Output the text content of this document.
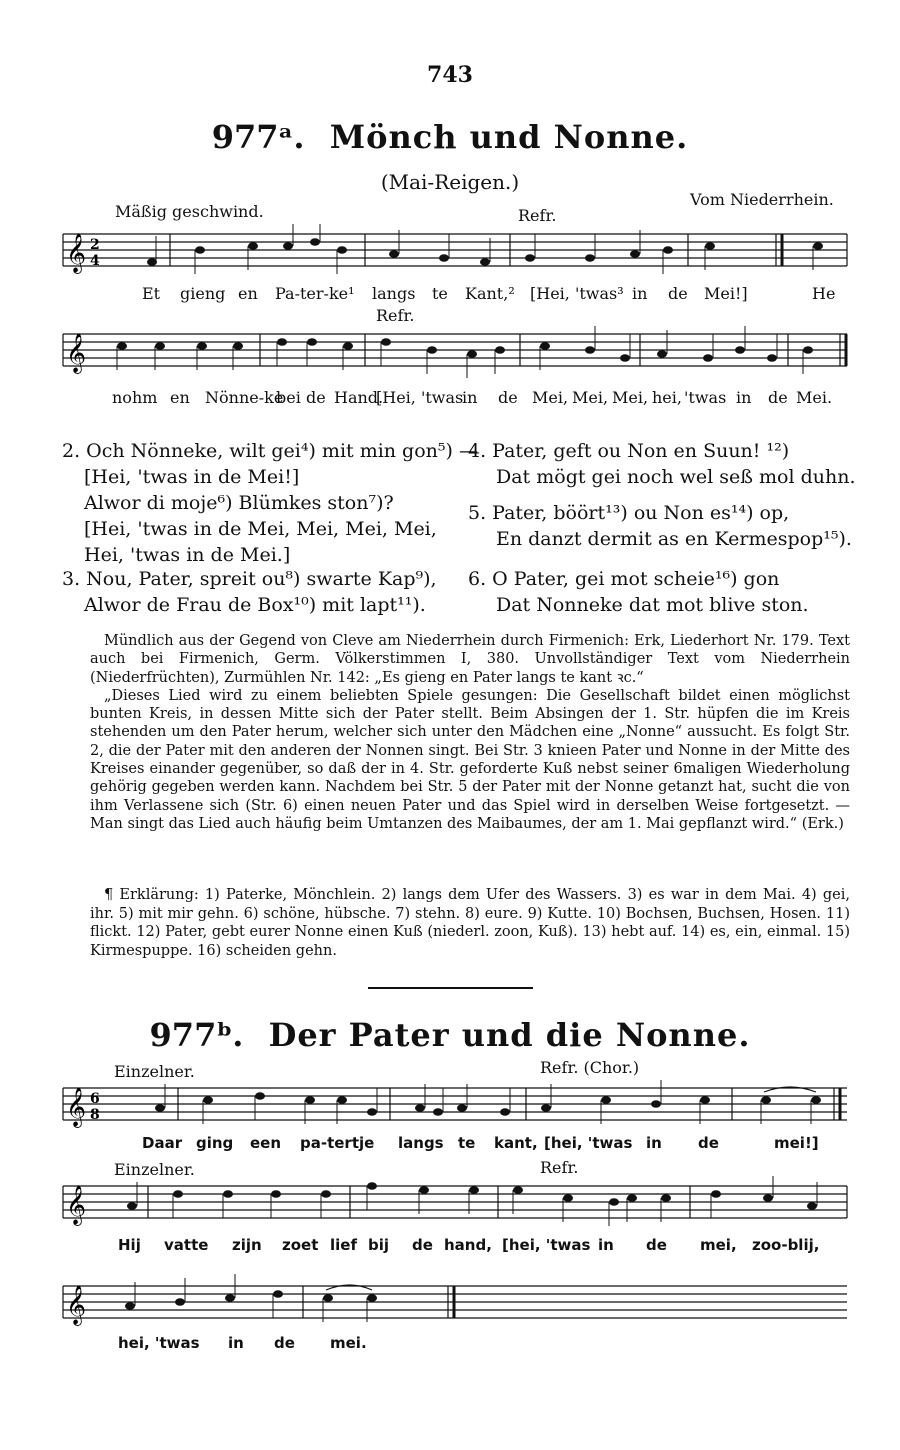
743
977ᵃ. Mönch und Nonne.
(Mai-Reigen.)
Vom Niederrhein.
Mäßig geschwind.	Refr.
𝄞 2
4
Et gieng en Pa-ter-ke¹ langs te Kant,² [Hei, 'twas³ in de Mei!]	He
Refr.
𝄞
nohm en Nönne-ke
bei de Hand.
[Hei, 'twas
in de Mei, Mei, Mei, hei, 'twas in de Mei.
2. Och Nönneke, wilt gei⁴) mit min gon⁵) —
[Hei, 'twas in de Mei!]
Alwor di moje⁶) Blümkes ston⁷)?
[Hei, 'twas in de Mei, Mei, Mei, Mei,
Hei, 'twas in de Mei.]
3. Nou, Pater, spreit ou⁸) swarte Kap⁹),
Alwor de Frau de Box¹⁰) mit lapt¹¹).
4. Pater, geft ou Non en Suun! ¹²)
Dat mögt gei noch wel seß mol duhn.
5. Pater, böört¹³) ou Non es¹⁴) op,
En danzt dermit as en Kermespop¹⁵).
6. O Pater, gei mot scheie¹⁶) gon
Dat Nonneke dat mot blive ston.

Mündlich aus der Gegend von Cleve am Niederrhein durch Firmenich: Erk, Liederhort Nr. 179. Text auch bei Firmenich, Germ. Völkerstimmen I, 380. Unvollständiger Text vom Niederrhein (Niederfrüchten), Zurmühlen Nr. 142: „Es gieng en Pater langs te kant ꝛc.“

„Dieses Lied wird zu einem beliebten Spiele gesungen: Die Gesellschaft bildet einen möglichst bunten Kreis, in dessen Mitte sich der Pater stellt. Beim Absingen der 1. Str. hüpfen die im Kreis stehenden um den Pater herum, welcher sich unter den Mädchen eine „Nonne“ aussucht. Es folgt Str. 2, die der Pater mit den anderen der Nonnen singt. Bei Str. 3 knieen Pater und Nonne in der Mitte des Kreises einander gegenüber, so daß der in 4. Str. geforderte Kuß nebst seiner 6maligen Wiederholung gehörig gegeben werden kann. Nachdem bei Str. 5 der Pater mit der Nonne getanzt hat, sucht die von ihm Verlassene sich (Str. 6) einen neuen Pater und das Spiel wird in derselben Weise fortgesetzt. — Man singt das Lied auch häufig beim Umtanzen des Maibaumes, der am 1. Mai gepflanzt wird.“ (Erk.)

¶ Erklärung: 1) Paterke, Mönchlein. 2) langs dem Ufer des Wassers. 3) es war in dem Mai. 4) gei, ihr. 5) mit mir gehn. 6) schöne, hübsche. 7) stehn. 8) eure. 9) Kutte. 10) Bochsen, Buchsen, Hosen. 11) flickt. 12) Pater, gebt eurer Nonne einen Kuß (niederl. zoon, Kuß). 13) hebt auf. 14) es, ein, einmal. 15) Kirmespuppe. 16) scheiden gehn.
977ᵇ. Der Pater und die Nonne.
Einzelner.	Refr. (Chor.)
𝄞 6
8
Daar ging een pa-tertje langs te kant, [hei, 'twas in de	mei!]
Einzelner.	Refr.
𝄞
Hij vatte zijn zoet lief bij de hand, [hei, 'twas in de mei, zoo-blij,
𝄞
hei, 'twas in de mei.
